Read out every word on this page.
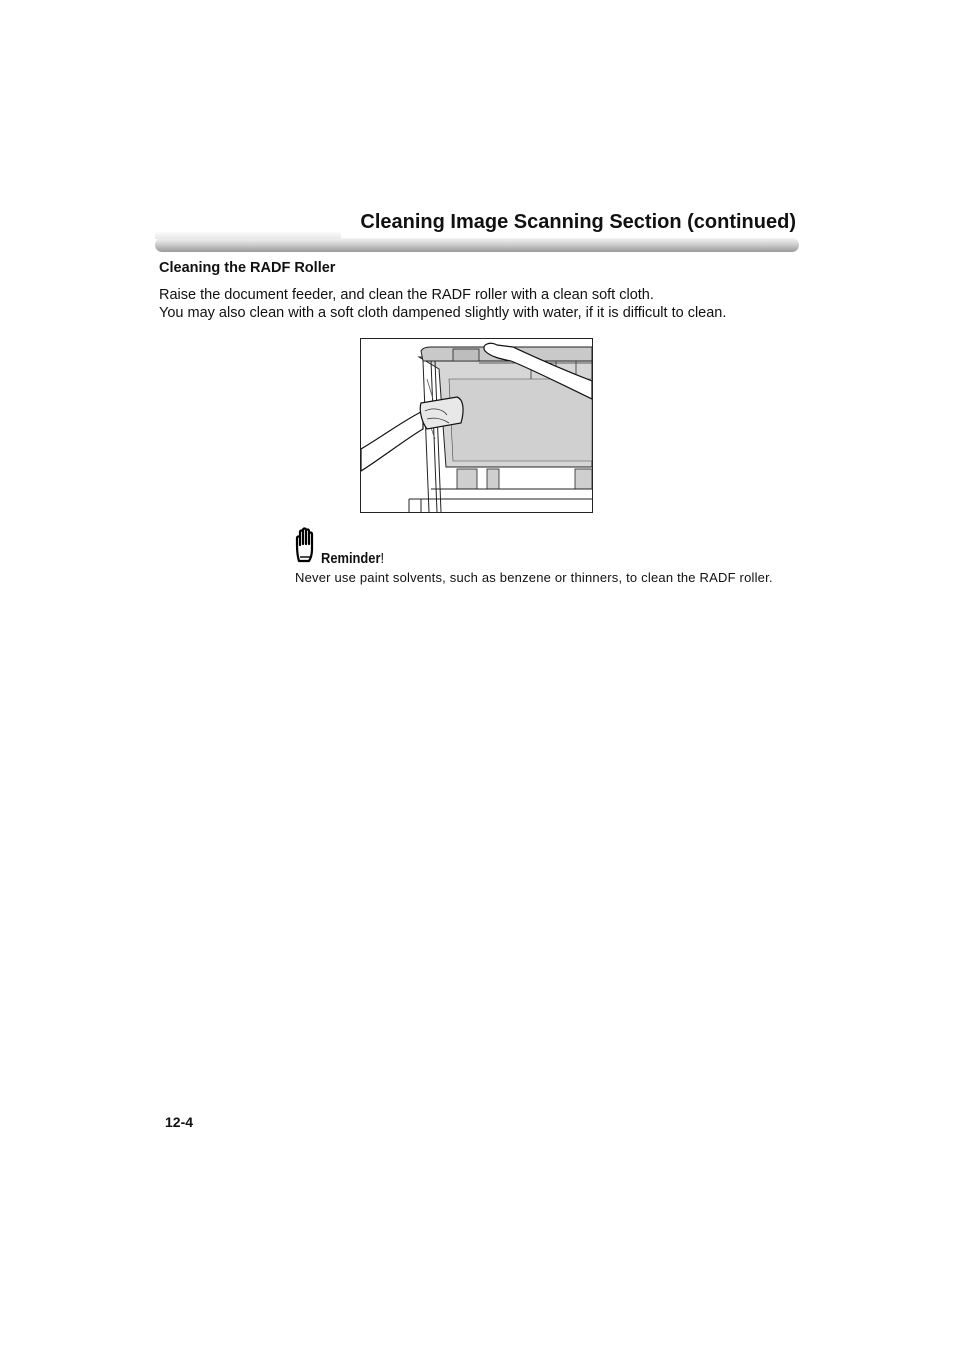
Cleaning Image Scanning Section (continued)
Cleaning the RADF Roller

Raise the document feeder, and clean the RADF roller with a clean soft cloth.

You may also clean with a soft cloth dampened slightly with water, if it is difficult to clean.

Reminder!

Never use paint solvents, such as benzene or thinners, to clean the RADF roller.

12-4
